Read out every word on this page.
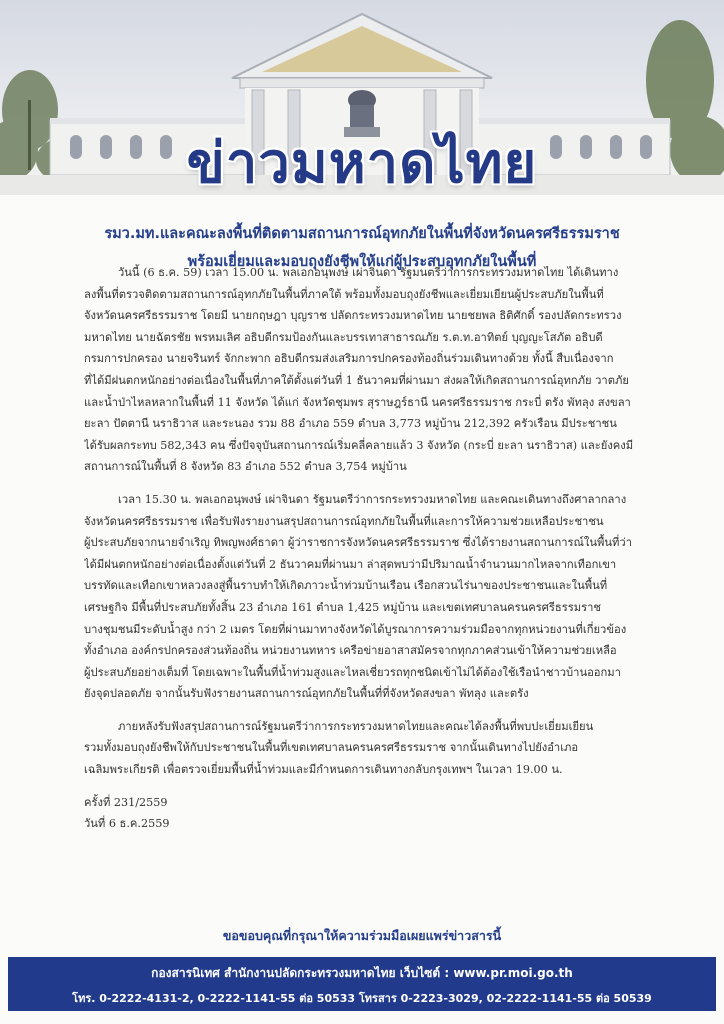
ข่าวมหาดไทย
รมว.มท.และคณะลงพื้นที่ติดตามสถานการณ์อุทกภัยในพื้นที่จังหวัดนครศรีธรรมราช
พร้อมเยี่ยมและมอบถุงยังชีพให้แก่ผู้ประสบอุทกภัยในพื้นที่
วันนี้ (6 ธ.ค. 59) เวลา 15.00 น. พลเอกอนุพงษ์ เผ่าจินดา รัฐมนตรีว่าการกระทรวงมหาดไทย ได้เดินทาง
ลงพื้นที่ตรวจติดตามสถานการณ์อุทกภัยในพื้นที่ภาคใต้ พร้อมทั้งมอบถุงยังชีพและเยี่ยมเยียนผู้ประสบภัยในพื้นที่
จังหวัดนครศรีธรรมราช โดยมี นายกฤษฎา บุญราช ปลัดกระทรวงมหาดไทย นายชยพล ธิติศักดิ์ รองปลัดกระทรวง
มหาดไทย นายฉัตรชัย พรหมเลิศ อธิบดีกรมป้องกันและบรรเทาสาธารณภัย ร.ต.ท.อาทิตย์ บุญญะโสภัต อธิบดี
กรมการปกครอง นายจรินทร์ จักกะพาก อธิบดีกรมส่งเสริมการปกครองท้องถิ่นร่วมเดินทางด้วย ทั้งนี้ สืบเนื่องจาก
ที่ได้มีฝนตกหนักอย่างต่อเนื่องในพื้นที่ภาคใต้ตั้งแต่วันที่ 1 ธันวาคมที่ผ่านมา ส่งผลให้เกิดสถานการณ์อุทกภัย วาตภัย
และน้ำป่าไหลหลากในพื้นที่ 11 จังหวัด ได้แก่ จังหวัดชุมพร สุราษฎร์ธานี นครศรีธรรมราช กระบี่ ตรัง พัทลุง สงขลา
ยะลา ปัตตานี นราธิวาส และระนอง รวม 88 อำเภอ 559 ตำบล 3,773 หมู่บ้าน 212,392 ครัวเรือน มีประชาชน
ได้รับผลกระทบ 582,343 คน ซึ่งปัจจุบันสถานการณ์เริ่มคลี่คลายแล้ว 3 จังหวัด (กระบี่ ยะลา นราธิวาส) และยังคงมี
สถานการณ์ในพื้นที่ 8 จังหวัด 83 อำเภอ 552 ตำบล 3,754 หมู่บ้าน
เวลา 15.30 น. พลเอกอนุพงษ์ เผ่าจินดา รัฐมนตรีว่าการกระทรวงมหาดไทย และคณะเดินทางถึงศาลากลาง
จังหวัดนครศรีธรรมราช เพื่อรับฟังรายงานสรุปสถานการณ์อุทกภัยในพื้นที่และการให้ความช่วยเหลือประชาชน
ผู้ประสบภัยจากนายจำเริญ ทิพญพงศ์ธาดา ผู้ว่าราชการจังหวัดนครศรีธรรมราช ซึ่งได้รายงานสถานการณ์ในพื้นที่ว่า
ได้มีฝนตกหนักอย่างต่อเนื่องตั้งแต่วันที่ 2 ธันวาคมที่ผ่านมา ล่าสุดพบว่ามีปริมาณน้ำจำนวนมากไหลจากเทือกเขา
บรรทัดและเทือกเขาหลวงลงสู่พื้นราบทำให้เกิดภาวะน้ำท่วมบ้านเรือน เรือกสวนไร่นาของประชาชนและในพื้นที่
เศรษฐกิจ มีพื้นที่ประสบภัยทั้งสิ้น 23 อำเภอ 161 ตำบล 1,425 หมู่บ้าน และเขตเทศบาลนครนครศรีธรรมราช
บางชุมชนมีระดับน้ำสูง กว่า 2 เมตร โดยที่ผ่านมาทางจังหวัดได้บูรณาการความร่วมมือจากทุกหน่วยงานที่เกี่ยวข้อง
ทั้งอำเภอ องค์กรปกครองส่วนท้องถิ่น หน่วยงานทหาร เครือข่ายอาสาสมัครจากทุกภาคส่วนเข้าให้ความช่วยเหลือ
ผู้ประสบภัยอย่างเต็มที่ โดยเฉพาะในพื้นที่น้ำท่วมสูงและไหลเชี่ยวรถทุกชนิดเข้าไม่ได้ต้องใช้เรือนำชาวบ้านออกมา
ยังจุดปลอดภัย จากนั้นรับฟังรายงานสถานการณ์อุทกภัยในพื้นที่ที่จังหวัดสงขลา พัทลุง และตรัง
ภายหลังรับฟังสรุปสถานการณ์รัฐมนตรีว่าการกระทรวงมหาดไทยและคณะได้ลงพื้นที่พบปะเยี่ยมเยียน
รวมทั้งมอบถุงยังชีพให้กับประชาชนในพื้นที่เขตเทศบาลนครนครศรีธรรมราช จากนั้นเดินทางไปยังอำเภอ
เฉลิมพระเกียรติ เพื่อตรวจเยี่ยมพื้นที่น้ำท่วมและมีกำหนดการเดินทางกลับกรุงเทพฯ ในเวลา 19.00 น.
ครั้งที่ 231/2559
วันที่ 6 ธ.ค.2559
ขอขอบคุณที่กรุณาให้ความร่วมมือเผยแพร่ข่าวสารนี้
กองสารนิเทศ สำนักงานปลัดกระทรวงมหาดไทย เว็บไซต์ : www.pr.moi.go.th
โทร. 0-2222-4131-2, 0-2222-1141-55 ต่อ 50533 โทรสาร 0-2223-3029, 02-2222-1141-55 ต่อ 50539
